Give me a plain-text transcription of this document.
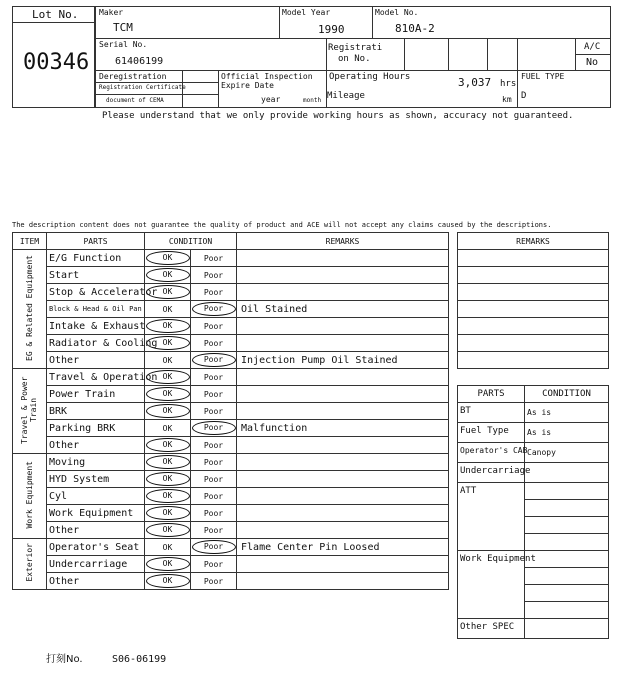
Lot No.
00346
Maker
TCM
Model Year
1990
Model No.
810A-2
Serial No.
61406199
Registrati
on No.
A/C
No
Deregistration
Registration Certificate
document of CEMA
Official Inspection
Expire Date
year	month
Operating Hours	3,037 hrs
Mileage	km
FUEL TYPE
D
Please understand that we only provide working hours as shown, accuracy not guaranteed.
The description content does not guarantee the quality of product and ACE will not accept any claims caused by the descriptions.
ITEM	PARTS	CONDITION		REMARKS
EG & Related Equipment	E/G Function	OK	Poor	
	Start	OK	Poor	
	Stop & Accelerator	OK	Poor	
	Block & Head & Oil Pan	OK	Poor	Oil Stained
	Intake & Exhaust	OK	Poor	
	Radiator & Cooling	OK	Poor	
	Other	OK	Poor	Injection Pump Oil Stained
Travel & Power Train	Travel & Operation	OK	Poor	
	Power Train	OK	Poor	
	BRK	OK	Poor	
	Parking BRK	OK	Poor	Malfunction
	Other	OK	Poor	
Work Equipment	Moving	OK	Poor	
	HYD System	OK	Poor	
	Cyl	OK	Poor	
	Work Equipment	OK	Poor	
	Other	OK	Poor	
Exterior	Operator's Seat	OK	Poor	Flame Center Pin Loosed
	Undercarriage	OK	Poor	
	Other	OK	Poor	
REMARKS

PARTS	CONDITION
BT	As is
Fuel Type	As is
Operator's CAB	Canopy
Undercarriage	
ATT	

Work Equipment	

Other SPEC	
打刻No.	S06-06199
